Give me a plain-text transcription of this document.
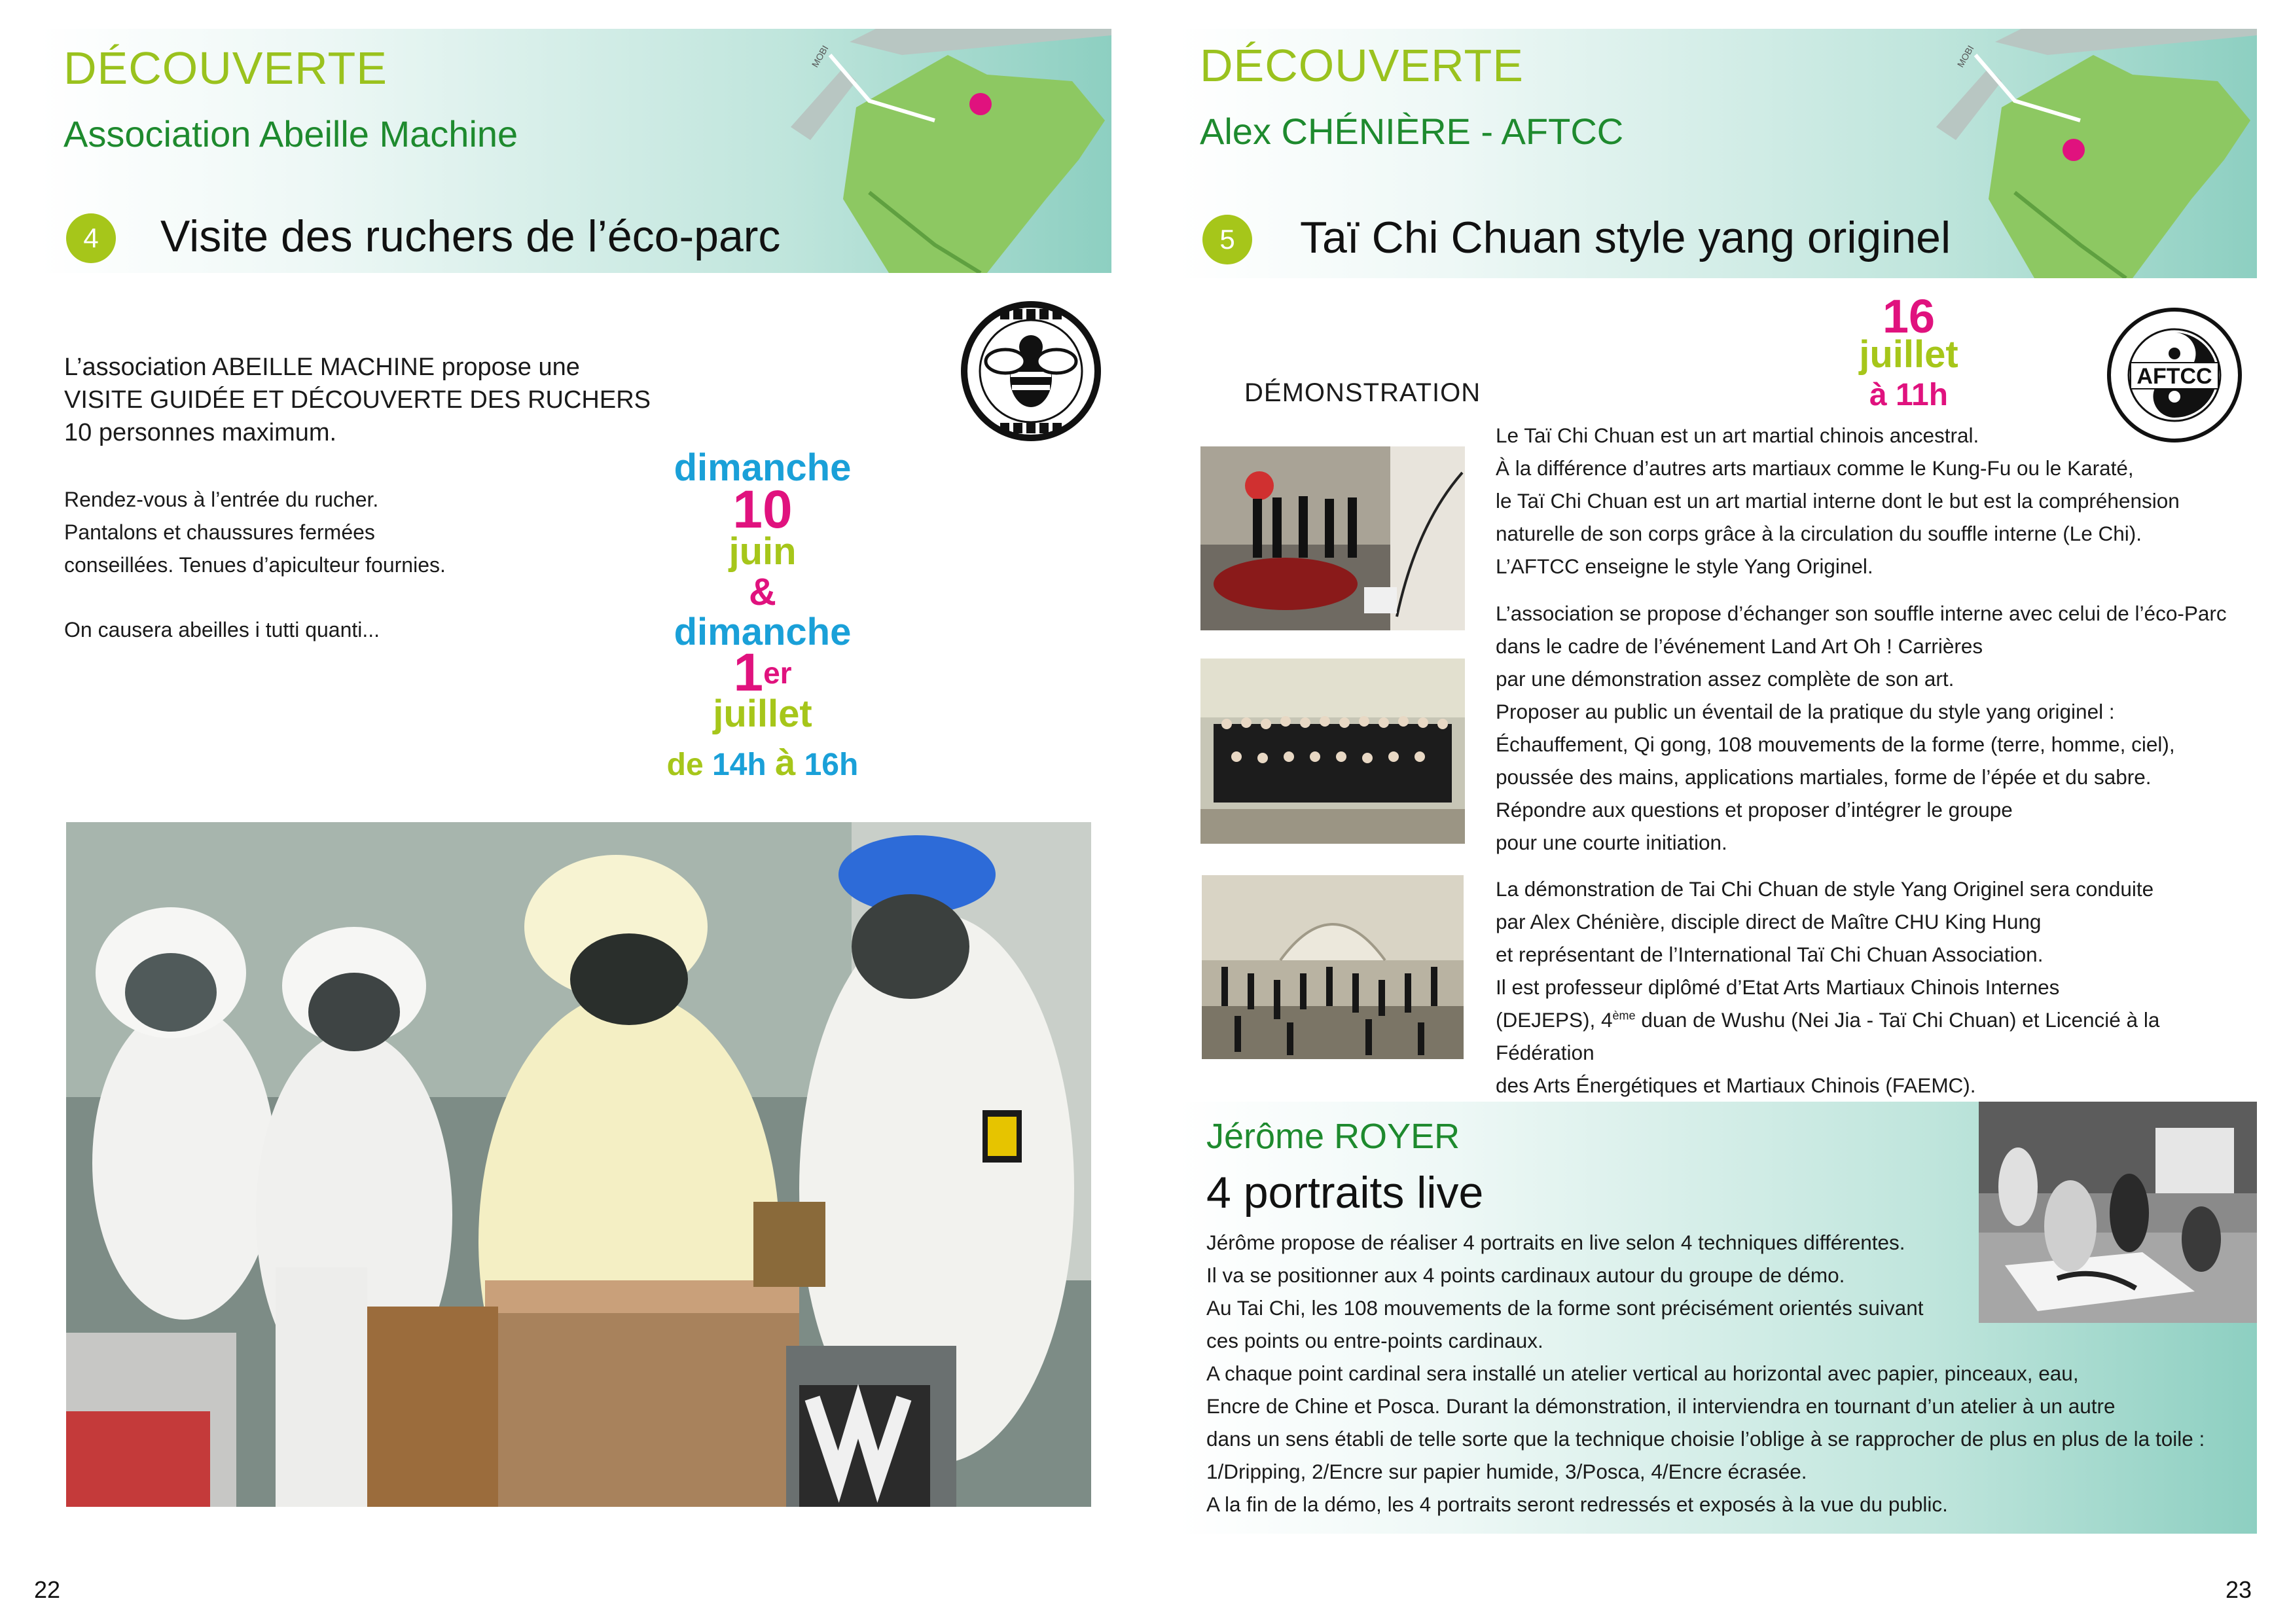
DÉCOUVERTE
Association Abeille Machine
4	Visite des ruchers de l’éco-parc
MOBI
L’association ABEILLE MACHINE propose une
VISITE GUIDÉE ET DÉCOUVERTE DES RUCHERS
10 personnes maximum.
Rendez-vous à l’entrée du rucher.
Pantalons et chaussures fermées
conseillées. Tenues d’apiculteur fournies.
On causera abeilles i tutti quanti...
dimanche
10
juin
&
dimanche
1er
juillet
de 14h à 16h
22
DÉCOUVERTE
Alex CHÉNIÈRE - AFTCC
5	Taï Chi Chuan style yang originel
MOBI
16
juillet
à 11h
AFTCC
DÉMONSTRATION
Le Taï Chi Chuan est un art martial chinois ancestral.
À la différence d’autres arts martiaux comme le Kung-Fu ou le Karaté,
le Taï Chi Chuan est un art martial interne dont le but est la compréhension
naturelle de son corps grâce à la circulation du souffle interne (Le Chi).
L’AFTCC enseigne le style Yang Originel.
L’association se propose d’échanger son souffle interne avec celui de l’éco-Parc
dans le cadre de l’événement Land Art Oh ! Carrières
par une démonstration assez complète de son art.
Proposer au public un éventail de la pratique du style yang originel :
Échauffement, Qi gong, 108 mouvements de la forme (terre, homme, ciel),
poussée des mains, applications martiales, forme de l’épée et du sabre.
Répondre aux questions et proposer d’intégrer le groupe
pour une courte initiation.
La démonstration de Tai Chi Chuan de style Yang Originel sera conduite
par Alex Chénière, disciple direct de Maître CHU King Hung
et représentant de l’International Taï Chi Chuan Association.
Il est professeur diplômé d’Etat Arts Martiaux Chinois Internes
(DEJEPS), 4ème duan de Wushu (Nei Jia - Taï Chi Chuan) et Licencié à la Fédération
des Arts Énergétiques et Martiaux Chinois (FAEMC).
Jérôme ROYER
4 portraits live
Jérôme propose de réaliser 4 portraits en live selon 4 techniques différentes.
Il va se positionner aux 4 points cardinaux autour du groupe de démo.
Au Tai Chi, les 108 mouvements de la forme sont précisément orientés suivant
ces points ou entre-points cardinaux.
A chaque point cardinal sera installé un atelier vertical au horizontal avec papier, pinceaux, eau,
Encre de Chine et Posca. Durant la démonstration, il interviendra en tournant d’un atelier à un autre
dans un sens établi de telle sorte que la technique choisie l’oblige à se rapprocher de plus en plus de la toile :
1/Dripping, 2/Encre sur papier humide, 3/Posca, 4/Encre écrasée.
A la fin de la démo, les 4 portraits seront redressés et exposés à la vue du public.
23
